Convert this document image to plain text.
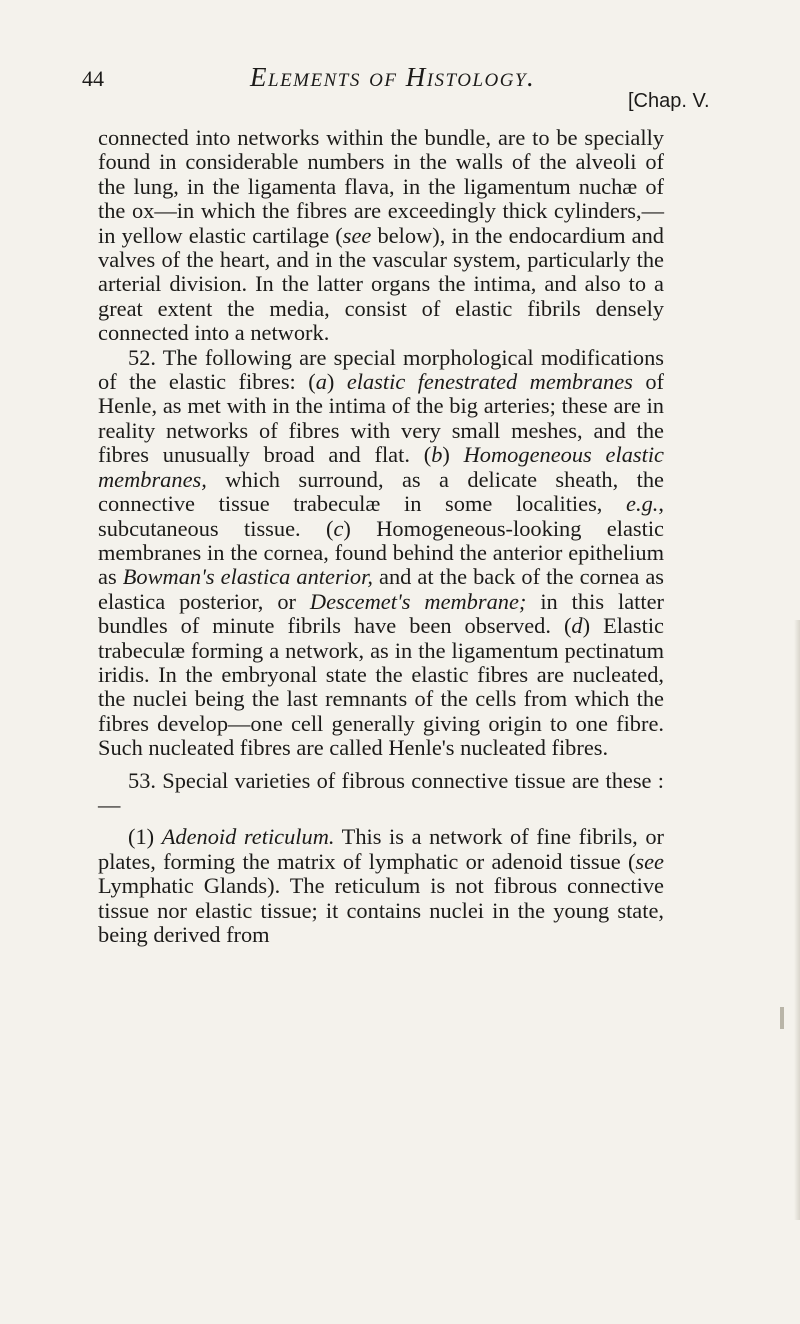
44	Elements of Histology.
[Chap. V.

connected into networks within the bundle, are to be specially found in considerable numbers in the walls of the alveoli of the lung, in the ligamenta flava, in the ligamentum nuchæ of the ox—in which the fibres are exceedingly thick cylinders,—in yellow elastic cartilage (see below), in the endocardium and valves of the heart, and in the vascular system, particularly the arterial division. In the latter organs the intima, and also to a great extent the media, consist of elastic fibrils densely connected into a network.

52. The following are special morphological modifications of the elastic fibres: (a) elastic fenestrated membranes of Henle, as met with in the intima of the big arteries; these are in reality networks of fibres with very small meshes, and the fibres unusually broad and flat. (b) Homogeneous elastic membranes, which surround, as a delicate sheath, the connective tissue trabeculæ in some localities, e.g., subcutaneous tissue. (c) Homogeneous-looking elastic membranes in the cornea, found behind the anterior epithelium as Bowman's elastica anterior, and at the back of the cornea as elastica posterior, or Descemet's membrane; in this latter bundles of minute fibrils have been observed. (d) Elastic trabeculæ forming a network, as in the ligamentum pectinatum iridis. In the embryonal state the elastic fibres are nucleated, the nuclei being the last remnants of the cells from which the fibres develop—one cell generally giving origin to one fibre. Such nucleated fibres are called Henle's nucleated fibres.

53. Special varieties of fibrous connective tissue are these :—

(1) Adenoid reticulum. This is a network of fine fibrils, or plates, forming the matrix of lymphatic or adenoid tissue (see Lymphatic Glands). The reticulum is not fibrous connective tissue nor elastic tissue; it contains nuclei in the young state, being derived from
